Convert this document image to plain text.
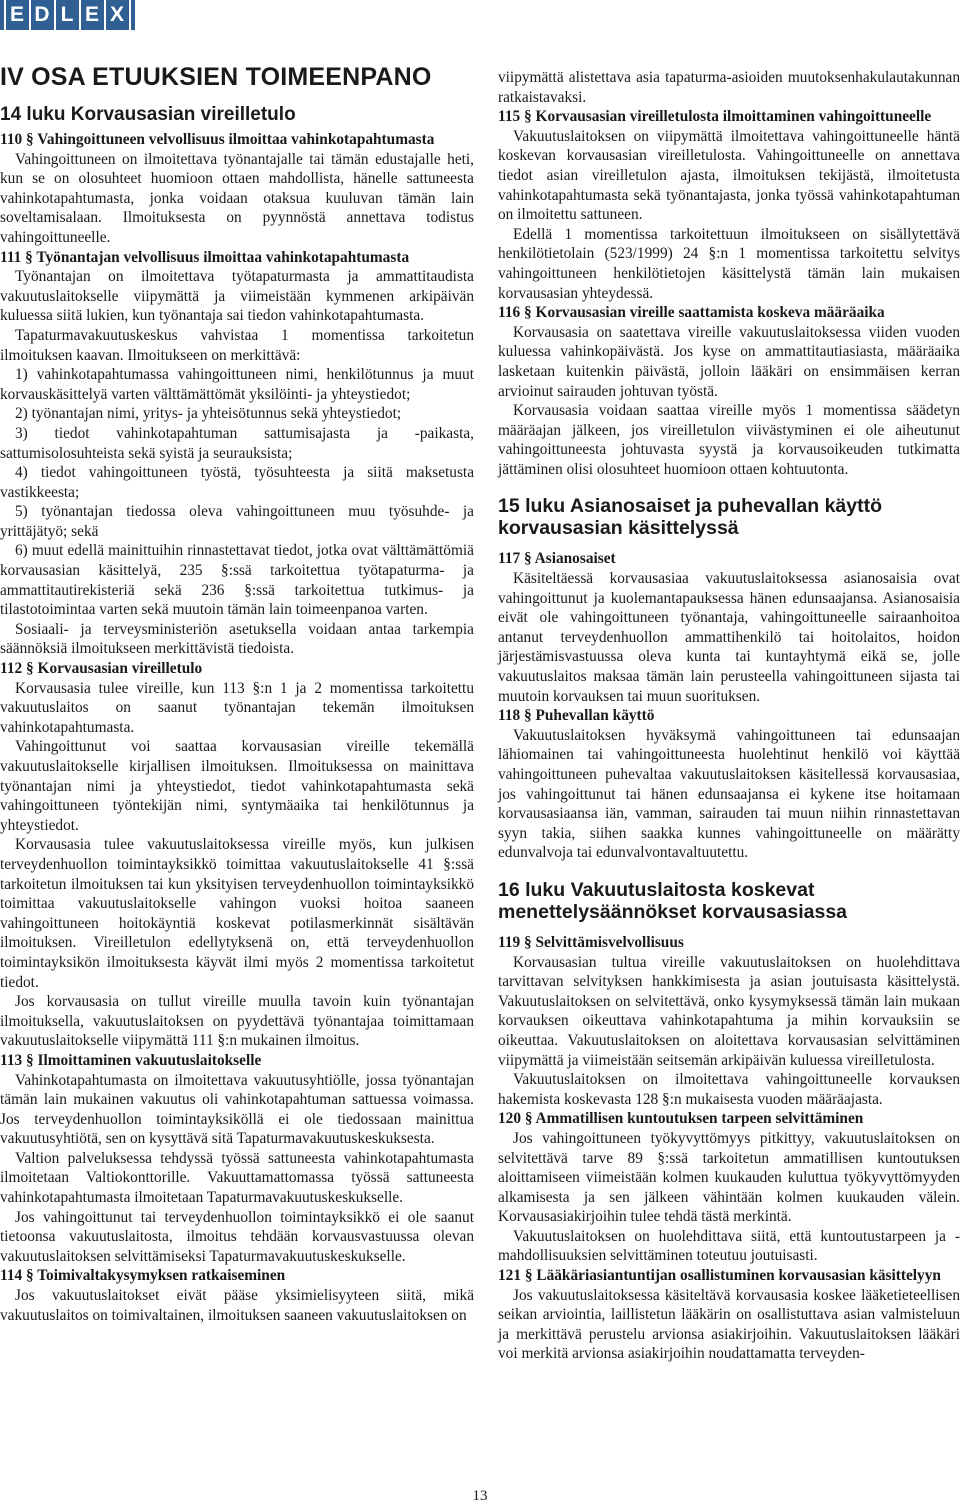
E D L E X
IV OSA ETUUKSIEN TOIMEENPANO
14 luku Korvausasian vireilletulo

110 § Vahingoittuneen velvollisuus ilmoittaa vahinkotapahtumasta

Vahingoittuneen on ilmoitettava työnantajalle tai tämän edustajalle heti, kun se on olosuhteet huomioon ottaen mahdollista, hänelle sattuneesta vahinkotapahtumasta, jonka voidaan otaksua kuuluvan tämän lain soveltamisalaan. Ilmoituksesta on pyynnöstä annettava todistus vahingoittuneelle.

111 § Työnantajan velvollisuus ilmoittaa vahinkotapahtumasta

Työnantajan on ilmoitettava työtapaturmasta ja ammattitaudista vakuutuslaitokselle viipymättä ja viimeistään kymmenen arkipäivän kuluessa siitä lukien, kun työnantaja sai tiedon vahinkotapahtumasta.

Tapaturmavakuutuskeskus vahvistaa 1 momentissa tarkoitetun ilmoituksen kaavan. Ilmoitukseen on merkittävä:

1) vahinkotapahtumassa vahingoittuneen nimi, henkilötunnus ja muut korvauskäsittelyä varten välttämättömät yksilöinti- ja yhteystiedot;

2) työnantajan nimi, yritys- ja yhteisötunnus sekä yhteystiedot;

3) tiedot vahinkotapahtuman sattumisajasta ja -paikasta, sattumisolosuhteista sekä syistä ja seurauksista;

4) tiedot vahingoittuneen työstä, työsuhteesta ja siitä maksetusta vastikkeesta;

5) työnantajan tiedossa oleva vahingoittuneen muu työsuhde- ja yrittäjätyö; sekä

6) muut edellä mainittuihin rinnastettavat tiedot, jotka ovat välttämättömiä korvausasian käsittelyä, 235 §:ssä tarkoitettua työtapaturma- ja ammattitautirekisteriä sekä 236 §:ssä tarkoitettua tutkimus- ja tilastotoimintaa varten sekä muutoin tämän lain toimeenpanoa varten.

Sosiaali- ja terveysministeriön asetuksella voidaan antaa tarkempia säännöksiä ilmoitukseen merkittävistä tiedoista.

112 § Korvausasian vireilletulo

Korvausasia tulee vireille, kun 113 §:n 1 ja 2 momentissa tarkoitettu vakuutuslaitos on saanut työnantajan tekemän ilmoituksen vahinkotapahtumasta.

Vahingoittunut voi saattaa korvausasian vireille tekemällä vakuutuslaitokselle kirjallisen ilmoituksen. Ilmoituksessa on mainittava työnantajan nimi ja yhteystiedot, tiedot vahinkotapahtumasta sekä vahingoittuneen työntekijän nimi, syntymäaika tai henkilötunnus ja yhteystiedot.

Korvausasia tulee vakuutuslaitoksessa vireille myös, kun julkisen terveydenhuollon toimintayksikkö toimittaa vakuutuslaitokselle 41 §:ssä tarkoitetun ilmoituksen tai kun yksityisen terveydenhuollon toimintayksikkö toimittaa vakuutuslaitokselle vahingon vuoksi hoitoa saaneen vahingoittuneen hoitokäyntiä koskevat potilasmerkinnät sisältävän ilmoituksen. Vireilletulon edellytyksenä on, että terveydenhuollon toimintayksikön ilmoituksesta käyvät ilmi myös 2 momentissa tarkoitetut tiedot.

Jos korvausasia on tullut vireille muulla tavoin kuin työnantajan ilmoituksella, vakuutuslaitoksen on pyydettävä työnantajaa toimittamaan vakuutuslaitokselle viipymättä 111 §:n mukainen ilmoitus.

113 § Ilmoittaminen vakuutuslaitokselle

Vahinkotapahtumasta on ilmoitettava vakuutusyhtiölle, jossa työnantajan tämän lain mukainen vakuutus oli vahinkotapahtuman sattuessa voimassa. Jos terveydenhuollon toimintayksiköllä ei ole tiedossaan mainittua vakuutusyhtiötä, sen on kysyttävä sitä Tapaturmavakuutuskeskuksesta.

Valtion palveluksessa tehdyssä työssä sattuneesta vahinkotapahtumasta ilmoitetaan Valtiokonttorille. Vakuuttamattomassa työssä sattuneesta vahinkotapahtumasta ilmoitetaan Tapaturmavakuutuskeskukselle.

Jos vahingoittunut tai terveydenhuollon toimintayksikkö ei ole saanut tietoonsa vakuutuslaitosta, ilmoitus tehdään korvausvastuussa olevan vakuutuslaitoksen selvittämiseksi Tapaturmavakuutuskeskukselle.

114 § Toimivaltakysymyksen ratkaiseminen

Jos vakuutuslaitokset eivät pääse yksimielisyyteen siitä, mikä vakuutuslaitos on toimivaltainen, ilmoituksen saaneen vakuutuslaitoksen on

viipymättä alistettava asia tapaturma-asioiden muutoksenhakulautakunnan ratkaistavaksi.

115 § Korvausasian vireilletulosta ilmoittaminen vahingoittuneelle

Vakuutuslaitoksen on viipymättä ilmoitettava vahingoittuneelle häntä koskevan korvausasian vireilletulosta. Vahingoittuneelle on annettava tiedot asian vireilletulon ajasta, ilmoituksen tekijästä, ilmoitetusta vahinkotapahtumasta sekä työnantajasta, jonka työssä vahinkotapahtuman on ilmoitettu sattuneen.

Edellä 1 momentissa tarkoitettuun ilmoitukseen on sisällytettävä henkilötietolain (523/1999) 24 §:n 1 momentissa tarkoitettu selvitys vahingoittuneen henkilötietojen käsittelystä tämän lain mukaisen korvausasian yhteydessä.

116 § Korvausasian vireille saattamista koskeva määräaika

Korvausasia on saatettava vireille vakuutuslaitoksessa viiden vuoden kuluessa vahinkopäivästä. Jos kyse on ammattitautiasiasta, määräaika lasketaan kuitenkin päivästä, jolloin lääkäri on ensimmäisen kerran arvioinut sairauden johtuvan työstä.

Korvausasia voidaan saattaa vireille myös 1 momentissa säädetyn määräajan jälkeen, jos vireilletulon viivästyminen ei ole aiheutunut vahingoittuneesta johtuvasta syystä ja korvausoikeuden tutkimatta jättäminen olisi olosuhteet huomioon ottaen kohtuutonta.

15 luku Asianosaiset ja puhevallan käyttö korvausasian käsittelyssä

117 § Asianosaiset

Käsiteltäessä korvausasiaa vakuutuslaitoksessa asianosaisia ovat vahingoittunut ja kuolemantapauksessa hänen edunsaajansa. Asianosaisia eivät ole vahingoittuneen työnantaja, vahingoittuneelle sairaanhoitoa antanut terveydenhuollon ammattihenkilö tai hoitolaitos, hoidon järjestämisvastuussa oleva kunta tai kuntayhtymä eikä se, jolle vakuutuslaitos maksaa tämän lain perusteella vahingoittuneen sijasta tai muutoin korvauksen tai muun suorituksen.

118 § Puhevallan käyttö

Vakuutuslaitoksen hyväksymä vahingoittuneen tai edunsaajan lähiomainen tai vahingoittuneesta huolehtinut henkilö voi käyttää vahingoittuneen puhevaltaa vakuutuslaitoksen käsitellessä korvausasiaa, jos vahingoittunut tai hänen edunsaajansa ei kykene itse hoitamaan korvausasiaansa iän, vamman, sairauden tai muun niihin rinnastettavan syyn takia, siihen saakka kunnes vahingoittuneelle on määrätty edunvalvoja tai edunvalvontavaltuutettu.

16 luku Vakuutuslaitosta koskevat menettelysäännökset korvausasiassa

119 § Selvittämisvelvollisuus

Korvausasian tultua vireille vakuutuslaitoksen on huolehdittava tarvittavan selvityksen hankkimisesta ja asian joutuisasta käsittelystä. Vakuutuslaitoksen on selvitettävä, onko kysymyksessä tämän lain mukaan korvauksen oikeuttava vahinkotapahtuma ja mihin korvauksiin se oikeuttaa. Vakuutuslaitoksen on aloitettava korvausasian selvittäminen viipymättä ja viimeistään seitsemän arkipäivän kuluessa vireilletulosta.

Vakuutuslaitoksen on ilmoitettava vahingoittuneelle korvauksen hakemista koskevasta 128 §:n mukaisesta vuoden määräajasta.

120 § Ammatillisen kuntoutuksen tarpeen selvittäminen

Jos vahingoittuneen työkyvyttömyys pitkittyy, vakuutuslaitoksen on selvitettävä tarve 89 §:ssä tarkoitetun ammatillisen kuntoutuksen aloittamiseen viimeistään kolmen kuukauden kuluttua työkyvyttömyyden alkamisesta ja sen jälkeen vähintään kolmen kuukauden välein. Korvausasiakirjoihin tulee tehdä tästä merkintä.

Vakuutuslaitoksen on huolehdittava siitä, että kuntoutustarpeen ja -mahdollisuuksien selvittäminen toteutuu joutuisasti.

121 § Lääkäriasiantuntijan osallistuminen korvausasian käsittelyyn

Jos vakuutuslaitoksessa käsiteltävä korvausasia koskee lääketieteellisen seikan arviointia, laillistetun lääkärin on osallistuttava asian valmisteluun ja merkittävä perustelu arvionsa asiakirjoihin. Vakuutuslaitoksen lääkäri voi merkitä arvionsa asiakirjoihin noudattamatta terveyden-

13
